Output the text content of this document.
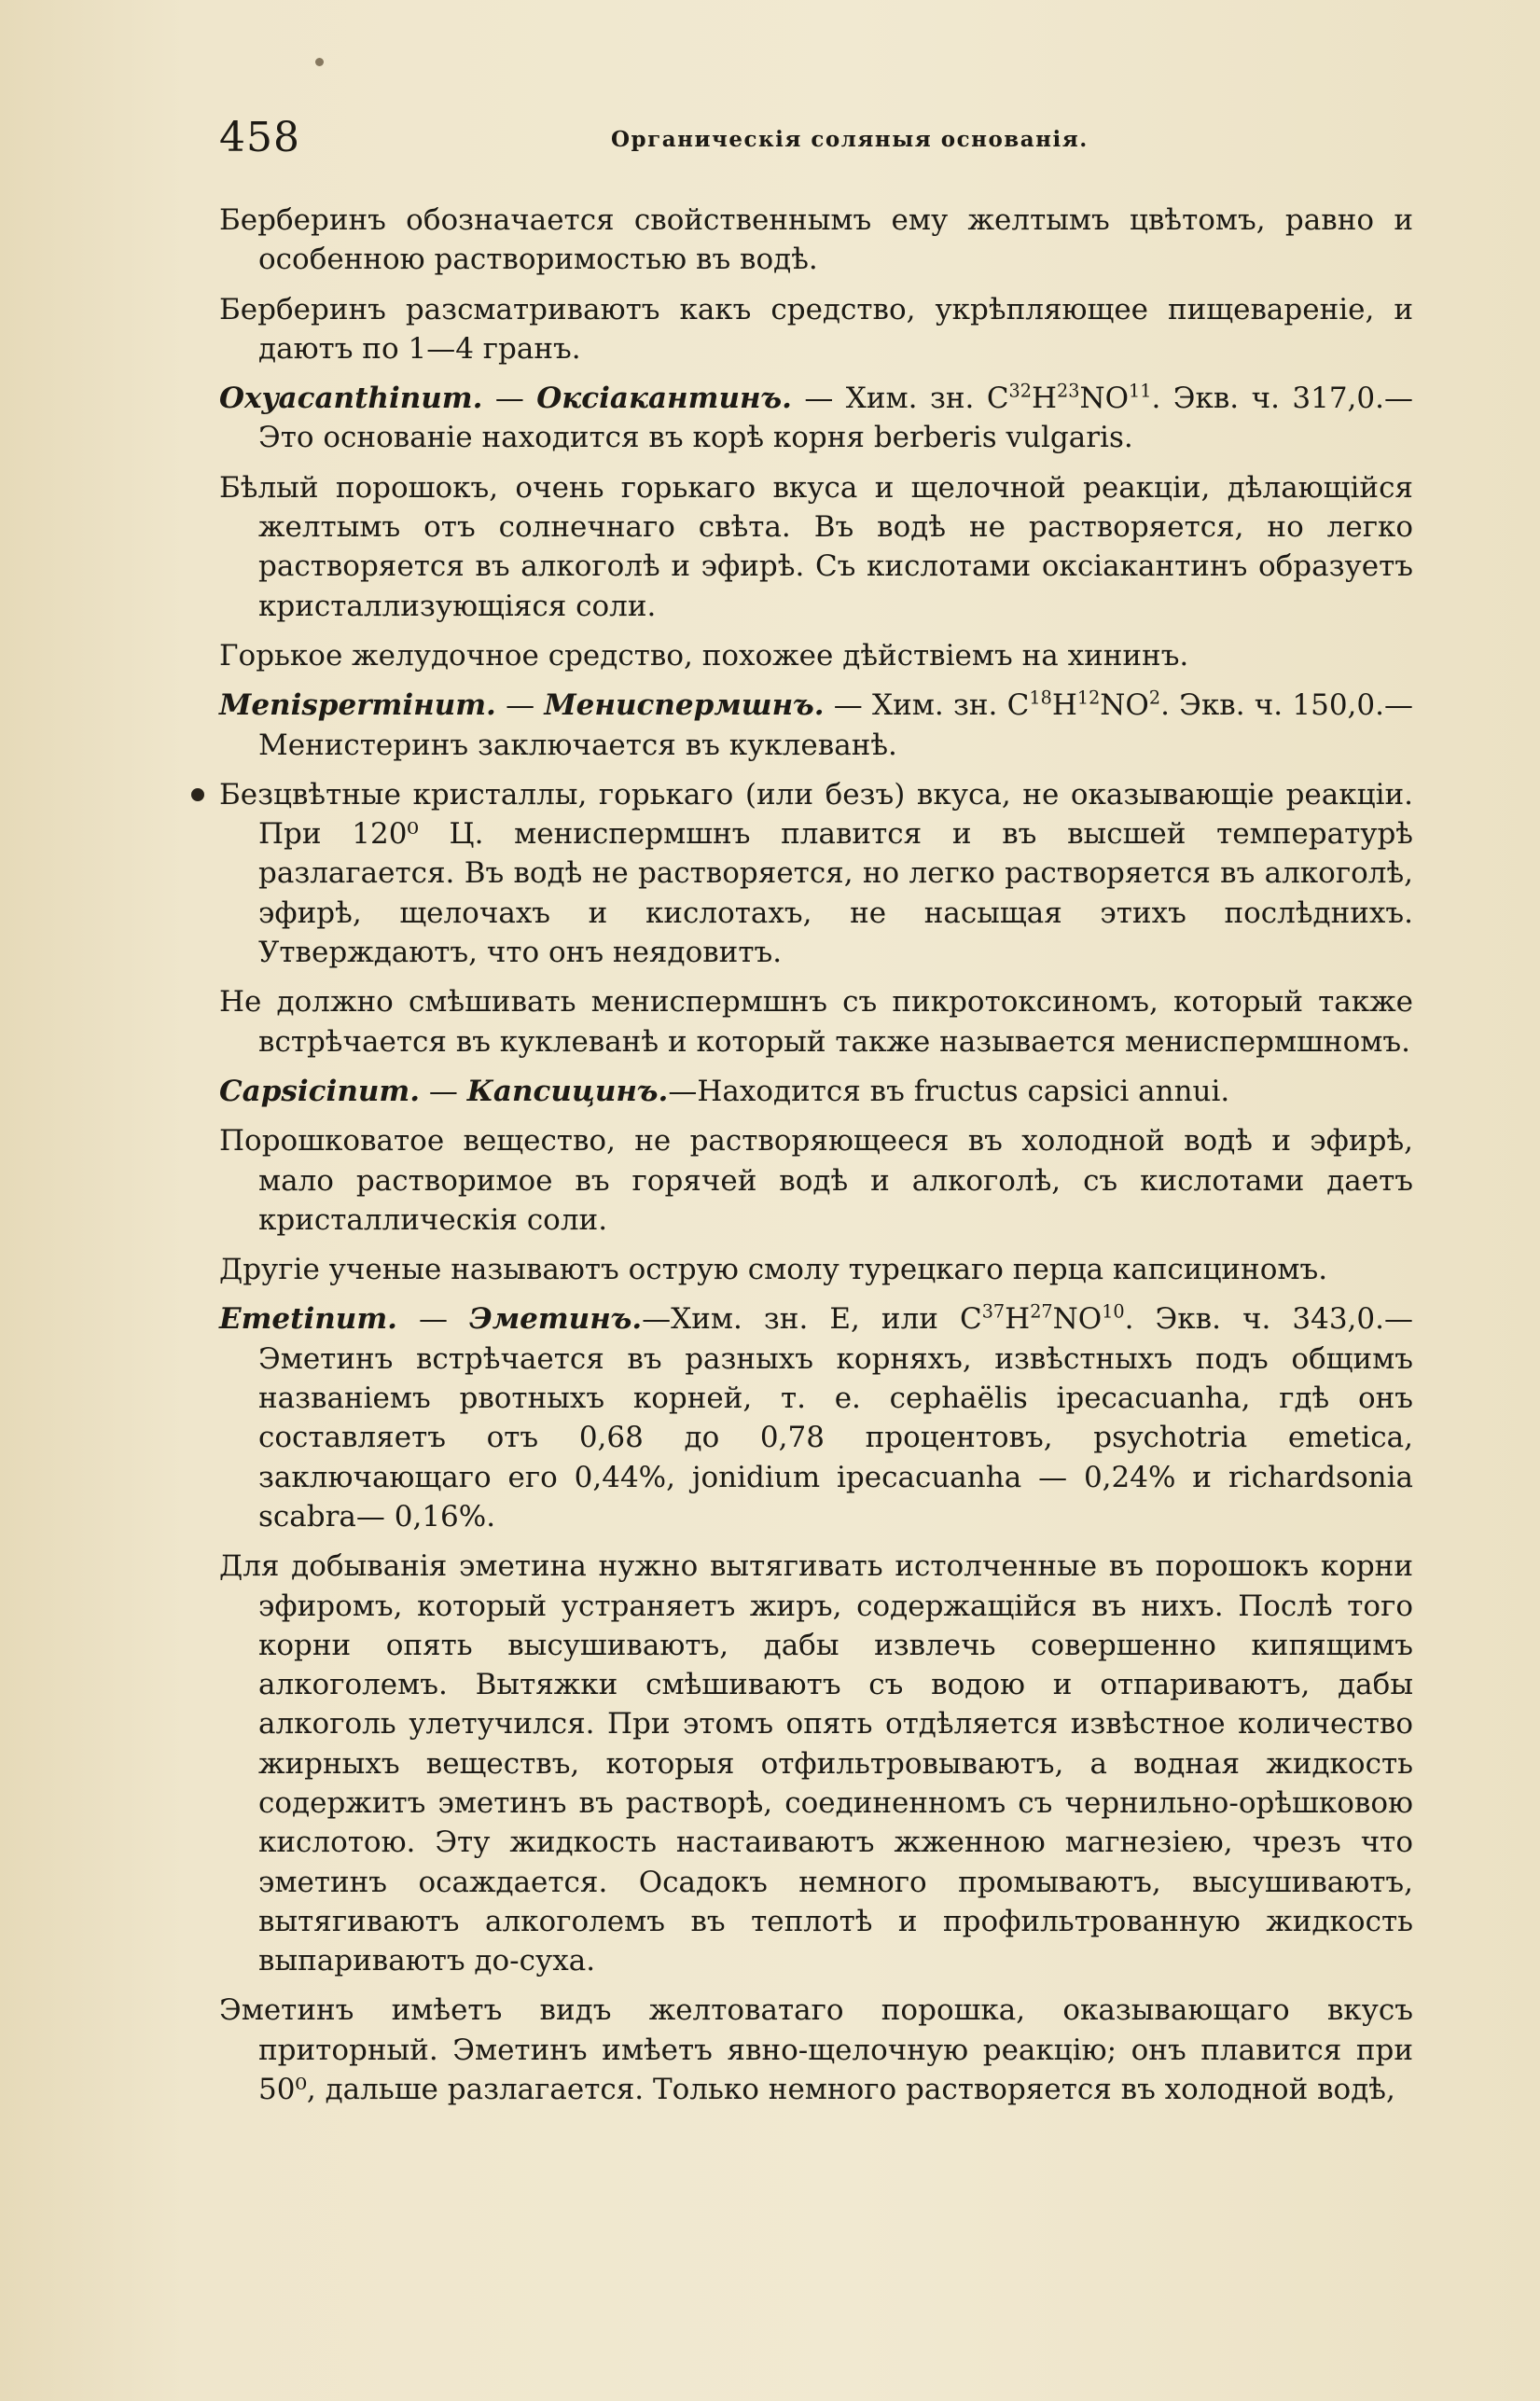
458	Органическія соляныя основанія.

Берберинъ обозначается свойственнымъ ему желтымъ цвѣтомъ, равно и особенною растворимостью въ водѣ.

Берберинъ разсматриваютъ какъ средство, укрѣпляющее пищевареніе, и даютъ по 1—4 гранъ.

Oxyacanthinum. — Оксіакантинъ. — Хим. зн. $C^{32}H^{23}NO^{11}$. Экв. ч. 317,0.—Это основаніе находится въ корѣ корня berberis vulgaris.

Бѣлый порошокъ, очень горькаго вкуса и щелочной реакціи, дѣлающійся желтымъ отъ солнечнаго свѣта. Въ водѣ не растворяется, но легко растворяется въ алкоголѣ и эфирѣ. Съ кислотами оксіакантинъ образуетъ кристаллизующіяся соли.

Горькое желудочное средство, похожее дѣйствіемъ на хининъ.

Menispermінum. — Мениспермшнъ. — Хим. зн. $C^{18}H^{12}NO^2$. Экв. ч. 150,0.—Менистеринъ заключается въ куклеванѣ.

Безцвѣтные кристаллы, горькаго (или безъ) вкуса, не оказывающіе реакціи. При 120⁰ Ц. мениспермшнъ плавится и въ высшей температурѣ разлагается. Въ водѣ не растворяется, но легко растворяется въ алкоголѣ, эфирѣ, щелочахъ и кислотахъ, не насыщая этихъ послѣднихъ. Утверждаютъ, что онъ неядовитъ.

Не должно смѣшивать мениспермшнъ съ пикротоксиномъ, который также встрѣчается въ куклеванѣ и который также называется мениспермшномъ.

Capsicinum. — Капсицинъ.—Находится въ fructus capsici annui.

Порошковатое вещество, не растворяющееся въ холодной водѣ и эфирѣ, мало растворимое въ горячей водѣ и алкоголѣ, съ кислотами даетъ кристаллическія соли.

Другіе ученые называютъ острую смолу турецкаго перца капсициномъ.

Emetinum. — Эметинъ.—Хим. зн. E, или $C^{37}H^{27}NO^{10}$. Экв. ч. 343,0.— Эметинъ встрѣчается въ разныхъ корняхъ, извѣстныхъ подъ общимъ названіемъ рвотныхъ корней, т. е. cephaëlis ipecacuanha, гдѣ онъ составляетъ отъ 0,68 до 0,78 процентовъ, psychotria emetica, заключающаго его 0,44%, jonidium ipecacuanha — 0,24% и richardsonia scabra— 0,16%.

Для добыванія эметина нужно вытягивать истолченные въ порошокъ корни эфиромъ, который устраняетъ жиръ, содержащійся въ нихъ. Послѣ того корни опять высушиваютъ, дабы извлечь совершенно кипящимъ алкоголемъ. Вытяжки смѣшиваютъ съ водою и отпариваютъ, дабы алкоголь улетучился. При этомъ опять отдѣляется извѣстное количество жирныхъ веществъ, которыя отфильтровываютъ, а водная жидкость содержитъ эметинъ въ растворѣ, соединенномъ съ чернильно-орѣшковою кислотою. Эту жидкость настаиваютъ жженною магнезіею, чрезъ что эметинъ осаждается. Осадокъ немного промываютъ, высушиваютъ, вытягиваютъ алкоголемъ въ теплотѣ и профильтрованную жидкость выпариваютъ до-суха.

Эметинъ имѣетъ видъ желтоватаго порошка, оказывающаго вкусъ приторный. Эметинъ имѣетъ явно-щелочную реакцію; онъ плавится при 50⁰, дальше разлагается. Только немного растворяется въ холодной водѣ,
